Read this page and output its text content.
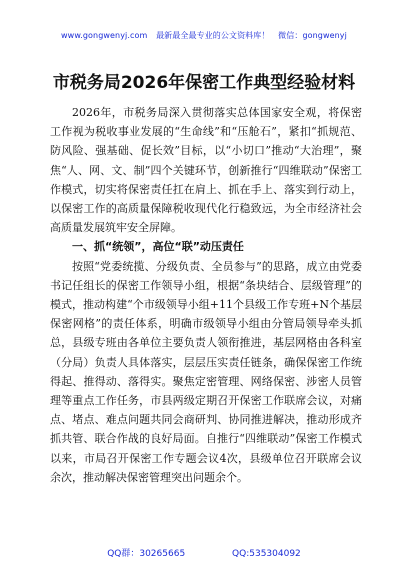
www.gongwenyj.com 最新最全最专业的公文资料库！ 微信：gongwenyj
市税务局2026年保密工作典型经验材料

2026年，市税务局深入贯彻落实总体国家安全观，将保密工作视为税收事业发展的“生命线”和“压舱石”，紧扣“抓规范、防风险、强基础、促长效”目标，以“小切口”推动“大治理”，聚焦“人、网、文、制”四个关键环节，创新推行“四维联动”保密工作模式，切实将保密责任扛在肩上、抓在手上、落实到行动上，以保密工作的高质量保障税收现代化行稳致远，为全市经济社会高质量发展筑牢安全屏障。

一、抓“统领”，高位“联”动压责任

按照“党委统揽、分级负责、全员参与”的思路，成立由党委书记任组长的保密工作领导小组，根据“条块结合、层级管理”的模式，推动构建“个市级领导小组+11个县级工作专班+N个基层保密网格”的责任体系，明确市级领导小组由分管局领导牵头抓总，县级专班由各单位主要负责人领衔推进，基层网格由各科室（分局）负责人具体落实，层层压实责任链条，确保保密工作统得起、推得动、落得实。聚焦定密管理、网络保密、涉密人员管理等重点工作任务，市县两级定期召开保密工作联席会议，对痛点、堵点、难点问题共同会商研判、协同推进解决，推动形成齐抓共管、联合作战的良好局面。自推行“四维联动”保密工作模式以来，市局召开保密工作专题会议4次，县级单位召开联席会议余次，推动解决保密管理突出问题余个。

QQ群：30265665	QQ:535304092
